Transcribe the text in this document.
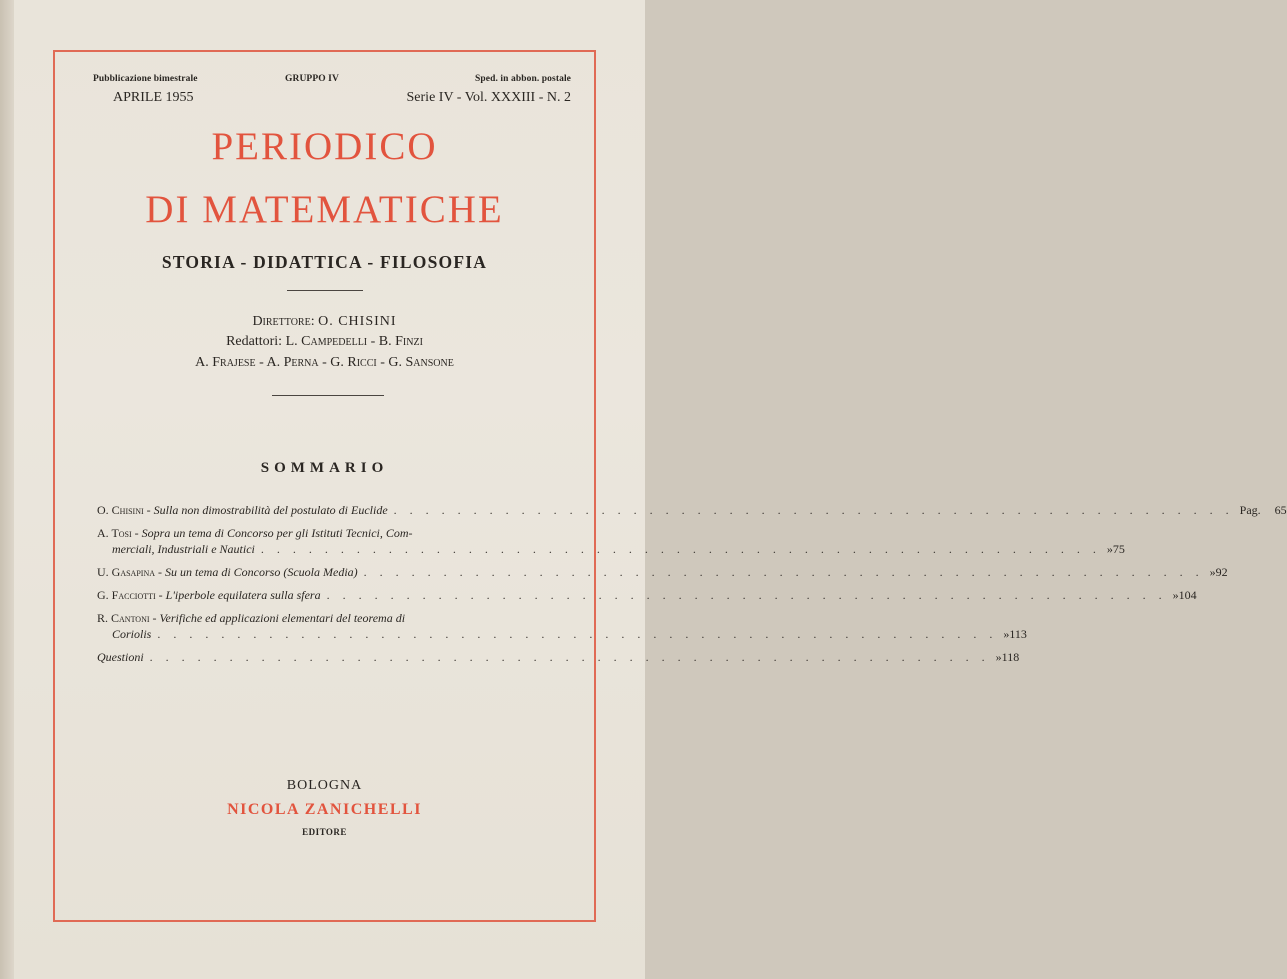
Pubblicazione bimestrale	GRUPPO IV	Sped. in abbon. postale
APRILE 1955	Serie IV - Vol. XXXIII - N. 2
PERIODICO
DI MATEMATICHE
STORIA - DIDATTICA - FILOSOFIA
Direttore: O. CHISINI
Redattori: L. Campedelli - B. Finzi
A. Frajese - A. Perna - G. Ricci - G. Sansone
SOMMARIO
O. Chisini - Sulla non dimostrabilità del postulato di Euclide . . . . . . . . . . . . . . . . . . . . . . . . . . . . . . . . . . . . . . . . . . . . . . . . . . . . . Pag. 65
A. Tosi - Sopra un tema di Concorso per gli Istituti Tecnici, Com-
merciali, Industriali e Nautici . . . . . . . . . . . . . . . . . . . . . . . . . . . . . . . . . . . . . . . . . . . . . . . . . . . . . » 75
U. Gasapina - Su un tema di Concorso (Scuola Media) . . . . . . . . . . . . . . . . . . . . . . . . . . . . . . . . . . . . . . . . . . . . . . . . . . . . . » 92
G. Facciotti - L'iperbole equilatera sulla sfera . . . . . . . . . . . . . . . . . . . . . . . . . . . . . . . . . . . . . . . . . . . . . . . . . . . . . » 104
R. Cantoni - Verifiche ed applicazioni elementari del teorema di
Coriolis . . . . . . . . . . . . . . . . . . . . . . . . . . . . . . . . . . . . . . . . . . . . . . . . . . . . . » 113
Questioni . . . . . . . . . . . . . . . . . . . . . . . . . . . . . . . . . . . . . . . . . . . . . . . . . . . . . » 118
BOLOGNA
NICOLA ZANICHELLI
EDITORE
